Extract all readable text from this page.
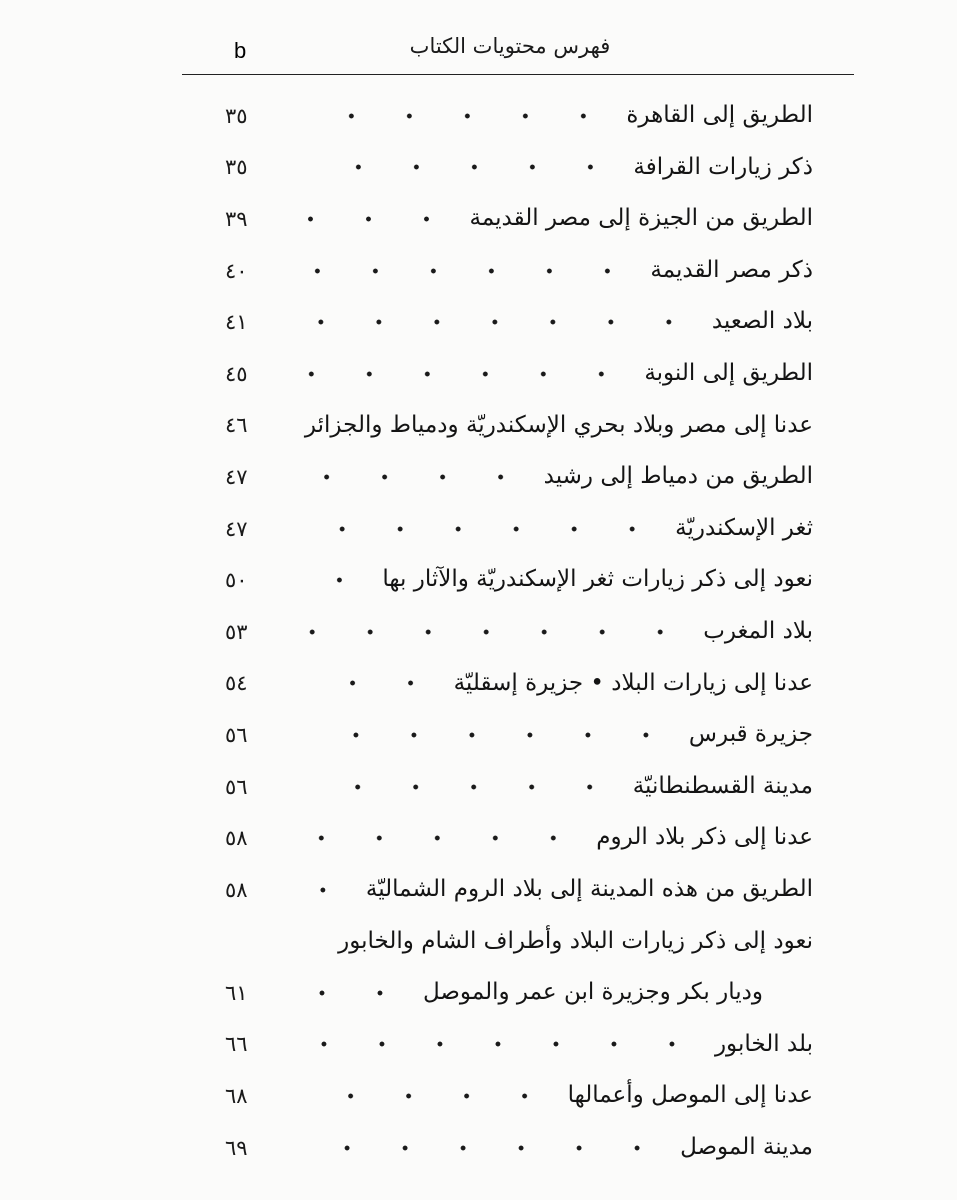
b	فهرس محتويات الكتاب
٣٥	الطريق إلى القاهرة
٣٥	ذكر زيارات القرافة
٣٩	الطريق من الجيزة إلى مصر القديمة
٤٠	ذكر مصر القديمة
٤١	بلاد الصعيد
٤٥	الطريق إلى النوبة
٤٦	عدنا إلى مصر وبلاد بحري الإسكندريّة ودمياط والجزائر
٤٧	الطريق من دمياط إلى رشيد
٤٧	ثغر الإسكندريّة
٥٠	نعود إلى ذكر زيارات ثغر الإسكندريّة والآثار بها
٥٣	بلاد المغرب
٥٤	عدنا إلى زيارات البلاد • جزيرة إسقليّة
٥٦	جزيرة قبرس
٥٦	مدينة القسطنطانيّة
٥٨	عدنا إلى ذكر بلاد الروم
٥٨	الطريق من هذه المدينة إلى بلاد الروم الشماليّة
نعود إلى ذكر زيارات البلاد وأطراف الشام والخابور
٦١	وديار بكر وجزيرة ابن عمر والموصل
٦٦	بلد الخابور
٦٨	عدنا إلى الموصل وأعمالها
٦٩	مدينة الموصل
